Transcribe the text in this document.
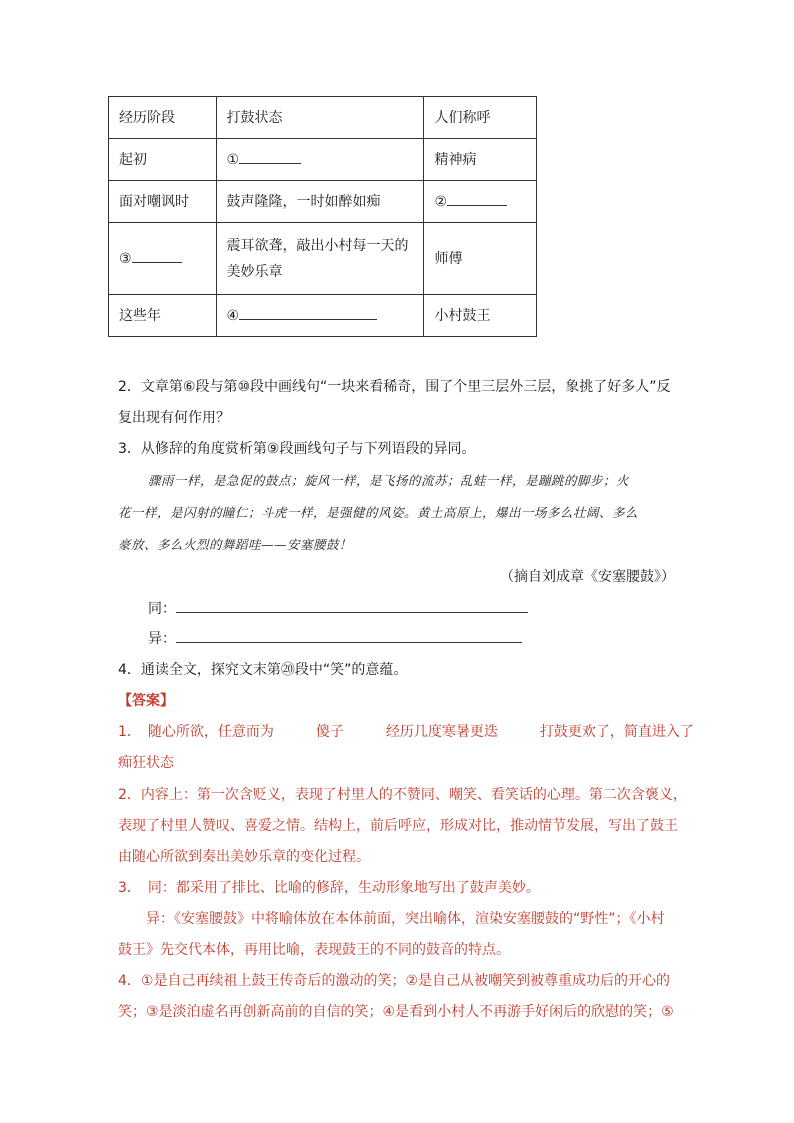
经历阶段	打鼓状态	人们称呼
起初	①	精神病
面对嘲讽时	鼓声隆隆，一时如醉如痴	②
③	震耳欲聋，敲出小村每一天的美妙乐章	师傅
这些年	④	小村鼓王
2．文章第⑥段与第⑩段中画线句“一块来看稀奇，围了个里三层外三层，象挑了好多人”反
复出现有何作用？
3．从修辞的角度赏析第⑨段画线句子与下列语段的异同。
骤雨一样，是急促的鼓点；旋风一样，是飞扬的流苏；乱蛙一样，是蹦跳的脚步；火
花一样，是闪射的瞳仁；斗虎一样，是强健的风姿。黄土高原上，爆出一场多么壮阔、多么
豪放、多么火烈的舞蹈哇——安塞腰鼓！
（摘自刘成章《安塞腰鼓》）
同：
异：
4．通读全文，探究文末第⑳段中“笑”的意蕴。
【答案】
1．　随心所欲，任意而为　　　傻子　　　经历几度寒暑更迭　　　打鼓更欢了，简直进入了
痴狂状态
2．内容上：第一次含贬义，表现了村里人的不赞同、嘲笑、看笑话的心理。第二次含褒义，
表现了村里人赞叹、喜爱之情。结构上，前后呼应，形成对比，推动情节发展，写出了鼓王
由随心所欲到奏出美妙乐章的变化过程。
3．　同：都采用了排比、比喻的修辞，生动形象地写出了鼓声美妙。
　　异：《安塞腰鼓》中将喻体放在本体前面，突出喻体，渲染安塞腰鼓的“野性”；《小村
鼓王》先交代本体，再用比喻，表现鼓王的不同的鼓音的特点。
4．①是自己再续祖上鼓王传奇后的激动的笑；②是自己从被嘲笑到被尊重成功后的开心的
笑；③是淡泊虚名再创新高前的自信的笑；④是看到小村人不再游手好闲后的欣慰的笑；⑤
